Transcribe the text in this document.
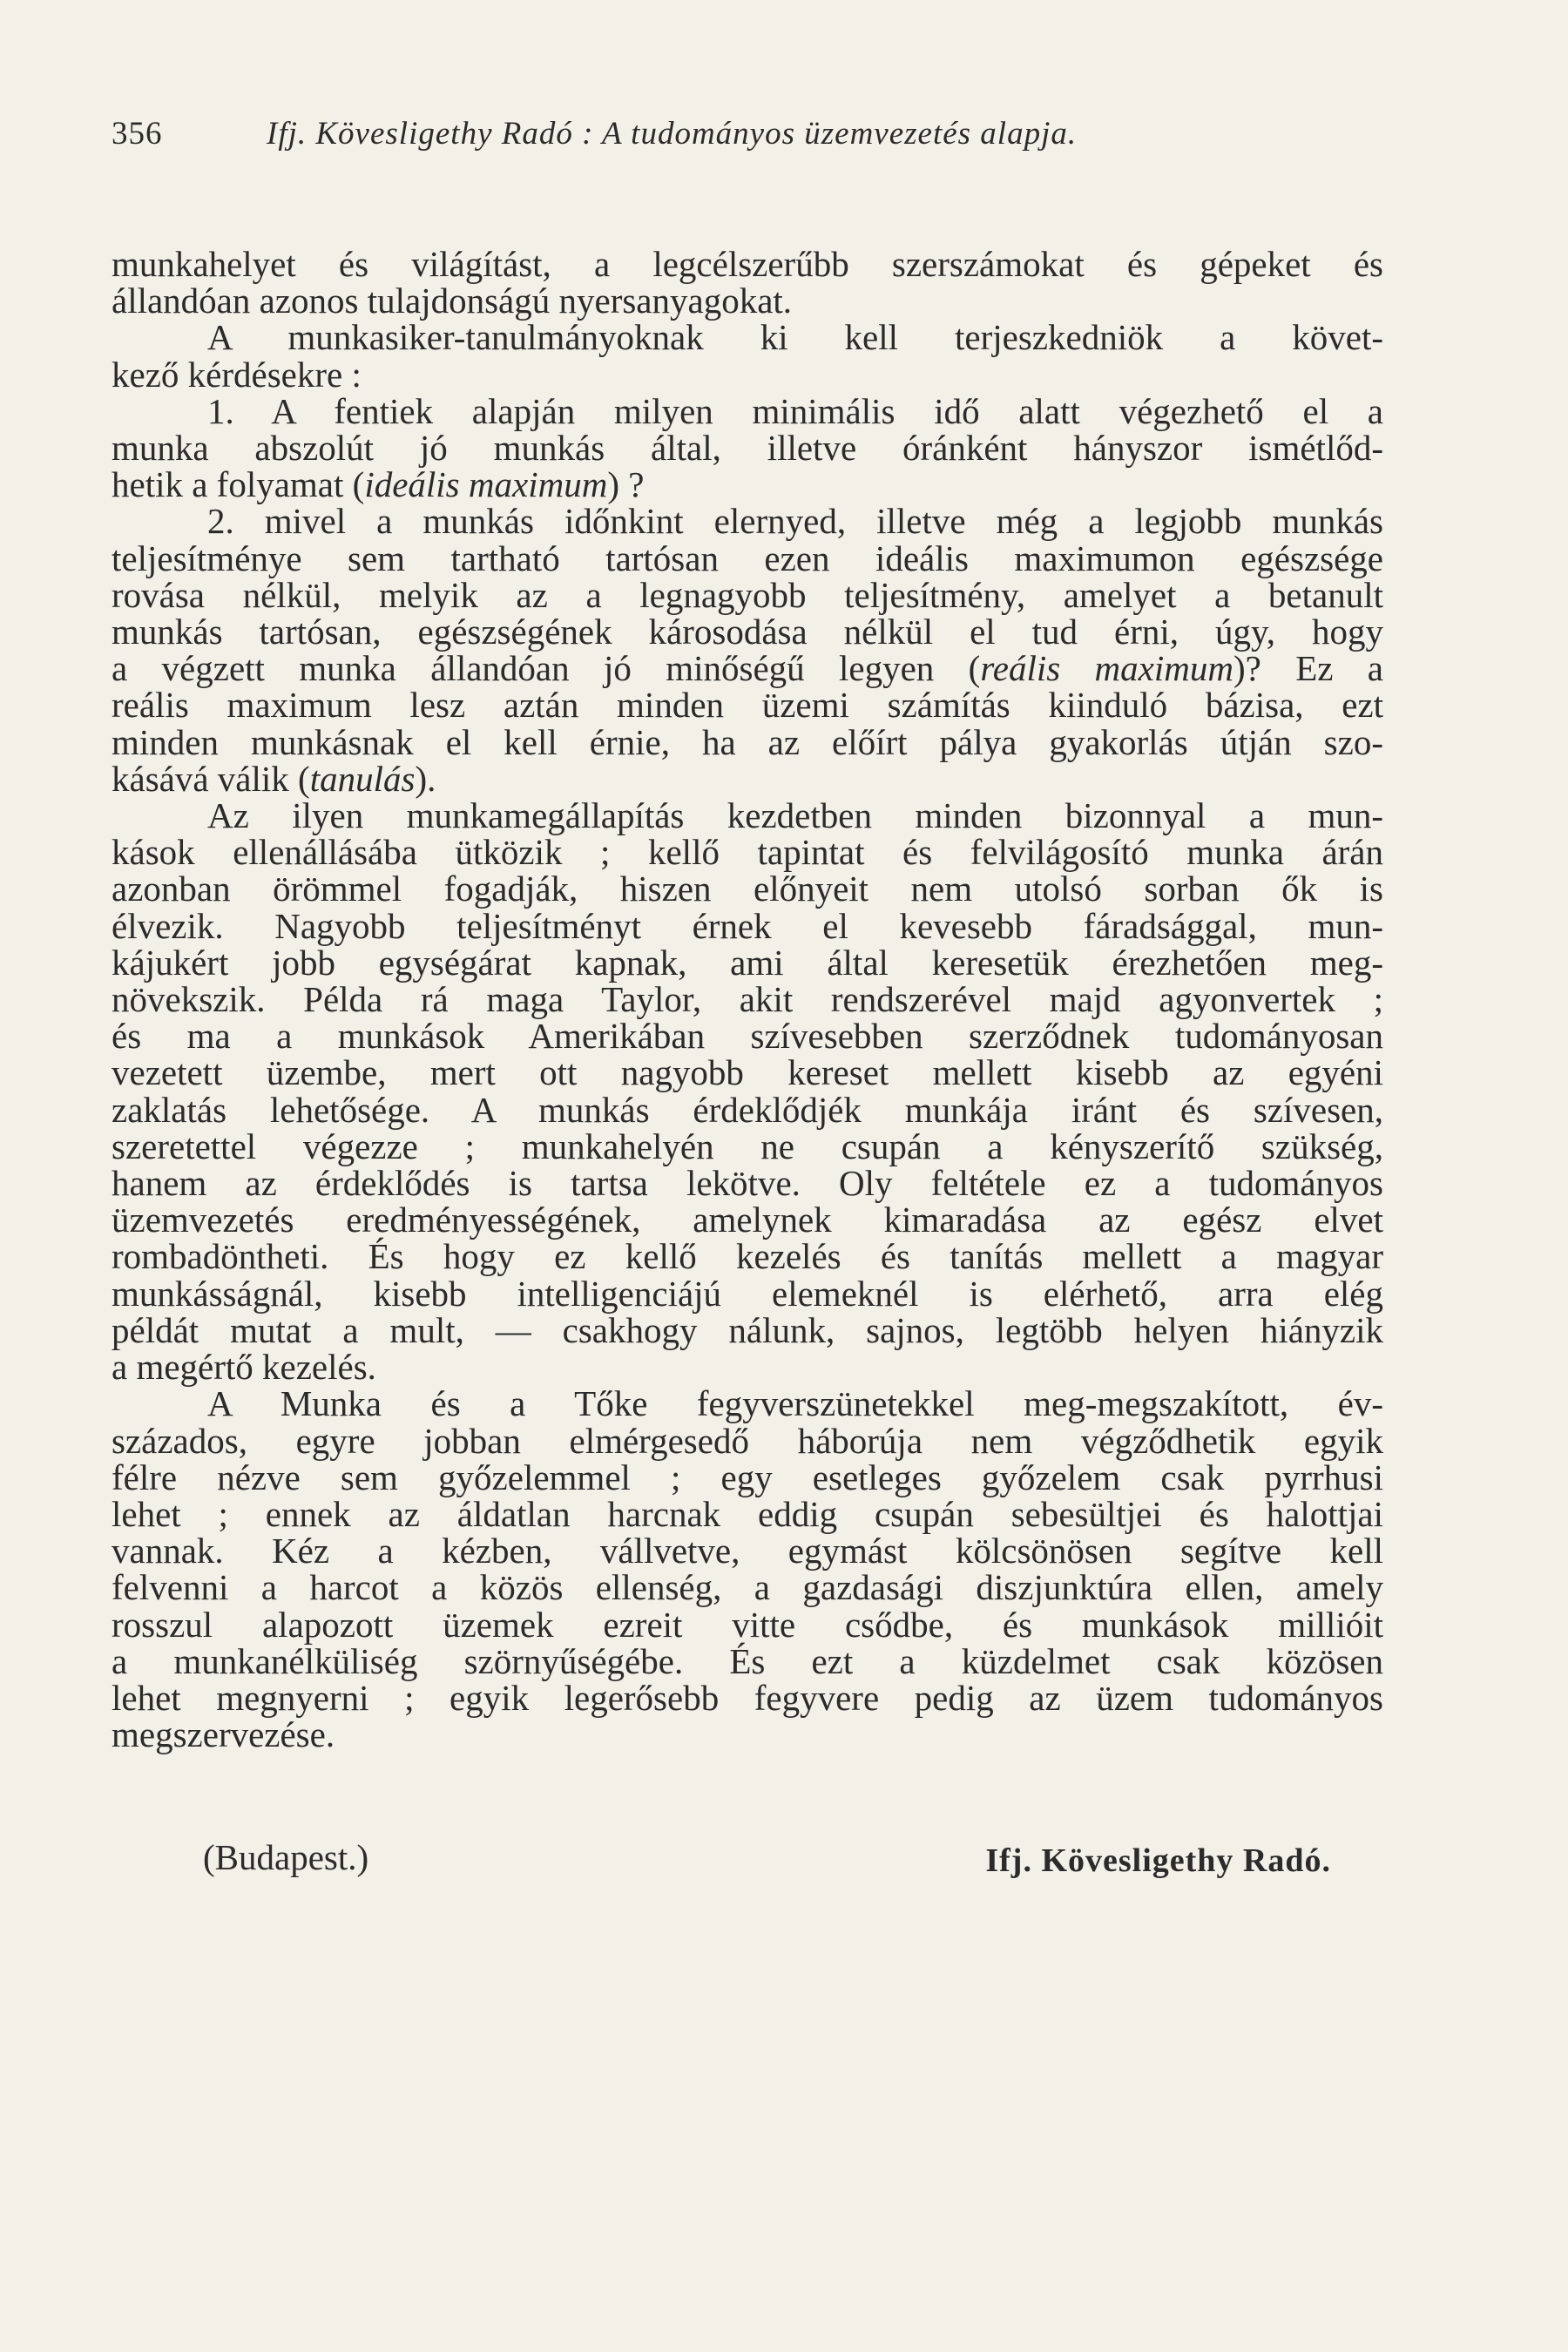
356	Ifj. Kövesligethy Radó : A tudományos üzemvezetés alapja.

munkahelyet és világítást, a legcélszerűbb szerszámokat és gépeket és
állandóan azonos tulajdonságú nyersanyagokat.

A munkasiker-tanulmányoknak ki kell terjeszkedniök a követ-
kező kérdésekre :

1. A fentiek alapján milyen minimális idő alatt végezhető el a
munka abszolút jó munkás által, illetve óránként hányszor ismétlőd-
hetik a folyamat (ideális maximum) ?

2. mivel a munkás időnkint elernyed, illetve még a legjobb munkás
teljesítménye sem tartható tartósan ezen ideális maximumon egészsége
rovása nélkül, melyik az a legnagyobb teljesítmény, amelyet a betanult
munkás tartósan, egészségének károsodása nélkül el tud érni, úgy, hogy
a végzett munka állandóan jó minőségű legyen (reális maximum)? Ez a
reális maximum lesz aztán minden üzemi számítás kiinduló bázisa, ezt
minden munkásnak el kell érnie, ha az előírt pálya gyakorlás útján szo-
kásává válik (tanulás).

Az ilyen munkamegállapítás kezdetben minden bizonnyal a mun-
kások ellenállásába ütközik ; kellő tapintat és felvilágosító munka árán
azonban örömmel fogadják, hiszen előnyeit nem utolsó sorban ők is
élvezik. Nagyobb teljesítményt érnek el kevesebb fáradsággal, mun-
kájukért jobb egységárat kapnak, ami által keresetük érezhetően meg-
növekszik. Példa rá maga Taylor, akit rendszerével majd agyonvertek ;
és ma a munkások Amerikában szívesebben szerződnek tudományosan
vezetett üzembe, mert ott nagyobb kereset mellett kisebb az egyéni
zaklatás lehetősége. A munkás érdeklődjék munkája iránt és szívesen,
szeretettel végezze ; munkahelyén ne csupán a kényszerítő szükség,
hanem az érdeklődés is tartsa lekötve. Oly feltétele ez a tudományos
üzemvezetés eredményességének, amelynek kimaradása az egész elvet
rombadöntheti. És hogy ez kellő kezelés és tanítás mellett a magyar
munkásságnál, kisebb intelligenciájú elemeknél is elérhető, arra elég
példát mutat a mult, — csakhogy nálunk, sajnos, legtöbb helyen hiányzik
a megértő kezelés.

A Munka és a Tőke fegyverszünetekkel meg-megszakított, év-
százados, egyre jobban elmérgesedő háborúja nem végződhetik egyik
félre nézve sem győzelemmel ; egy esetleges győzelem csak pyrrhusi
lehet ; ennek az áldatlan harcnak eddig csupán sebesültjei és halottjai
vannak. Kéz a kézben, vállvetve, egymást kölcsönösen segítve kell
felvenni a harcot a közös ellenség, a gazdasági diszjunktúra ellen, amely
rosszul alapozott üzemek ezreit vitte csődbe, és munkások millióit
a munkanélküliség szörnyűségébe. És ezt a küzdelmet csak közösen
lehet megnyerni ; egyik legerősebb fegyvere pedig az üzem tudományos
megszervezése.

(Budapest.)	Ifj. Kövesligethy Radó.
